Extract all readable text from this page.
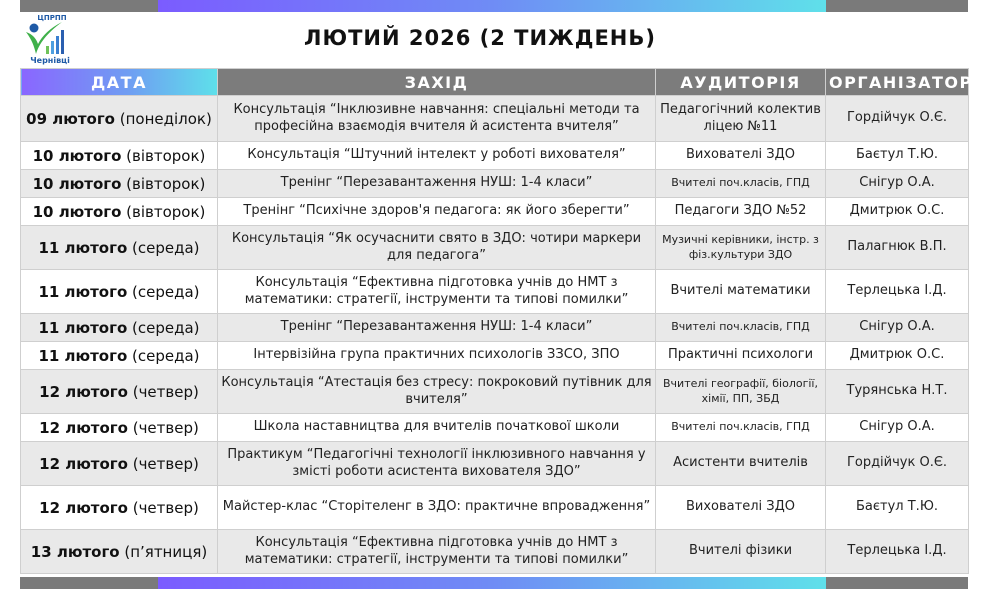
ЦПРПП
Чернівці
ЛЮТИЙ 2026 (2 ТИЖДЕНЬ)
ДАТА	ЗАХІД	АУДИТОРІЯ	ОРГАНІЗАТОР
09 лютого (понеділок)	Консультація “Інклюзивне навчання: спеціальні методи та професійна взаємодія вчителя й асистента вчителя”	Педагогічний колектив ліцею №11	Гордійчук О.Є.
10 лютого (вівторок)	Консультація “Штучний інтелект у роботі вихователя”	Вихователі ЗДО	Баєтул Т.Ю.
10 лютого (вівторок)	Тренінг “Перезавантаження НУШ: 1-4 класи”	Вчителі поч.класів, ГПД	Снігур О.А.
10 лютого (вівторок)	Тренінг “Психічне здоров'я педагога: як його зберегти”	Педагоги ЗДО №52	Дмитрюк О.С.
11 лютого (середа)	Консультація “Як осучаснити свято в ЗДО: чотири маркери для педагога”	Музичні керівники, інстр. з фіз.культури ЗДО	Палагнюк В.П.
11 лютого (середа)	Консультація “Ефективна підготовка учнів до НМТ з математики: стратегії, інструменти та типові помилки”	Вчителі математики	Терлецька І.Д.
11 лютого (середа)	Тренінг “Перезавантаження НУШ: 1-4 класи”	Вчителі поч.класів, ГПД	Снігур О.А.
11 лютого (середа)	Інтервізійна група практичних психологів ЗЗСО, ЗПО	Практичні психологи	Дмитрюк О.С.
12 лютого (четвер)	Консультація “Атестація без стресу: покроковий путівник для вчителя”	Вчителі географії, біології, хімії, ПП, ЗБД	Турянська Н.Т.
12 лютого (четвер)	Школа наставництва для вчителів початкової школи	Вчителі поч.класів, ГПД	Снігур О.А.
12 лютого (четвер)	Практикум “Педагогічні технології інклюзивного навчання у змісті роботи асистента вихователя ЗДО”	Асистенти вчителів	Гордійчук О.Є.
12 лютого (четвер)	Майстер-клас “Сторітеленг в ЗДО: практичне впровадження”	Вихователі ЗДО	Баєтул Т.Ю.
13 лютого (п’ятниця)	Консультація “Ефективна підготовка учнів до НМТ з математики: стратегії, інструменти та типові помилки”	Вчителі фізики	Терлецька І.Д.
